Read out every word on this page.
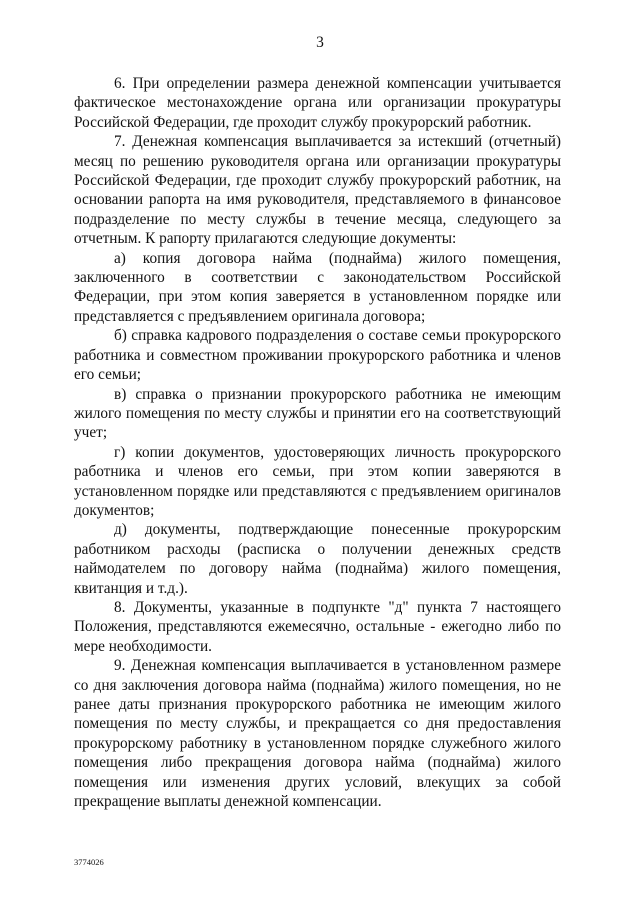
3

6. При определении размера денежной компенсации учитывается фактическое местонахождение органа или организации прокуратуры Российской Федерации, где проходит службу прокурорский работник.

7. Денежная компенсация выплачивается за истекший (отчетный) месяц по решению руководителя органа или организации прокуратуры Российской Федерации, где проходит службу прокурорский работник, на основании рапорта на имя руководителя, представляемого в финансовое подразделение по месту службы в течение месяца, следующего за отчетным. К рапорту прилагаются следующие документы:

а) копия договора найма (поднайма) жилого помещения, заключенного в соответствии с законодательством Российской Федерации, при этом копия заверяется в установленном порядке или представляется с предъявлением оригинала договора;

б) справка кадрового подразделения о составе семьи прокурорского работника и совместном проживании прокурорского работника и членов его семьи;

в) справка о признании прокурорского работника не имеющим жилого помещения по месту службы и принятии его на соответствующий учет;

г) копии документов, удостоверяющих личность прокурорского работника и членов его семьи, при этом копии заверяются в установленном порядке или представляются с предъявлением оригиналов документов;

д) документы, подтверждающие понесенные прокурорским работником расходы (расписка о получении денежных средств наймодателем по договору найма (поднайма) жилого помещения, квитанция и т.д.).

8. Документы, указанные в подпункте "д" пункта 7 настоящего Положения, представляются ежемесячно, остальные - ежегодно либо по мере необходимости.

9. Денежная компенсация выплачивается в установленном размере со дня заключения договора найма (поднайма) жилого помещения, но не ранее даты признания прокурорского работника не имеющим жилого помещения по месту службы, и прекращается со дня предоставления прокурорскому работнику в установленном порядке служебного жилого помещения либо прекращения договора найма (поднайма) жилого помещения или изменения других условий, влекущих за собой прекращение выплаты денежной компенсации.

3774026
